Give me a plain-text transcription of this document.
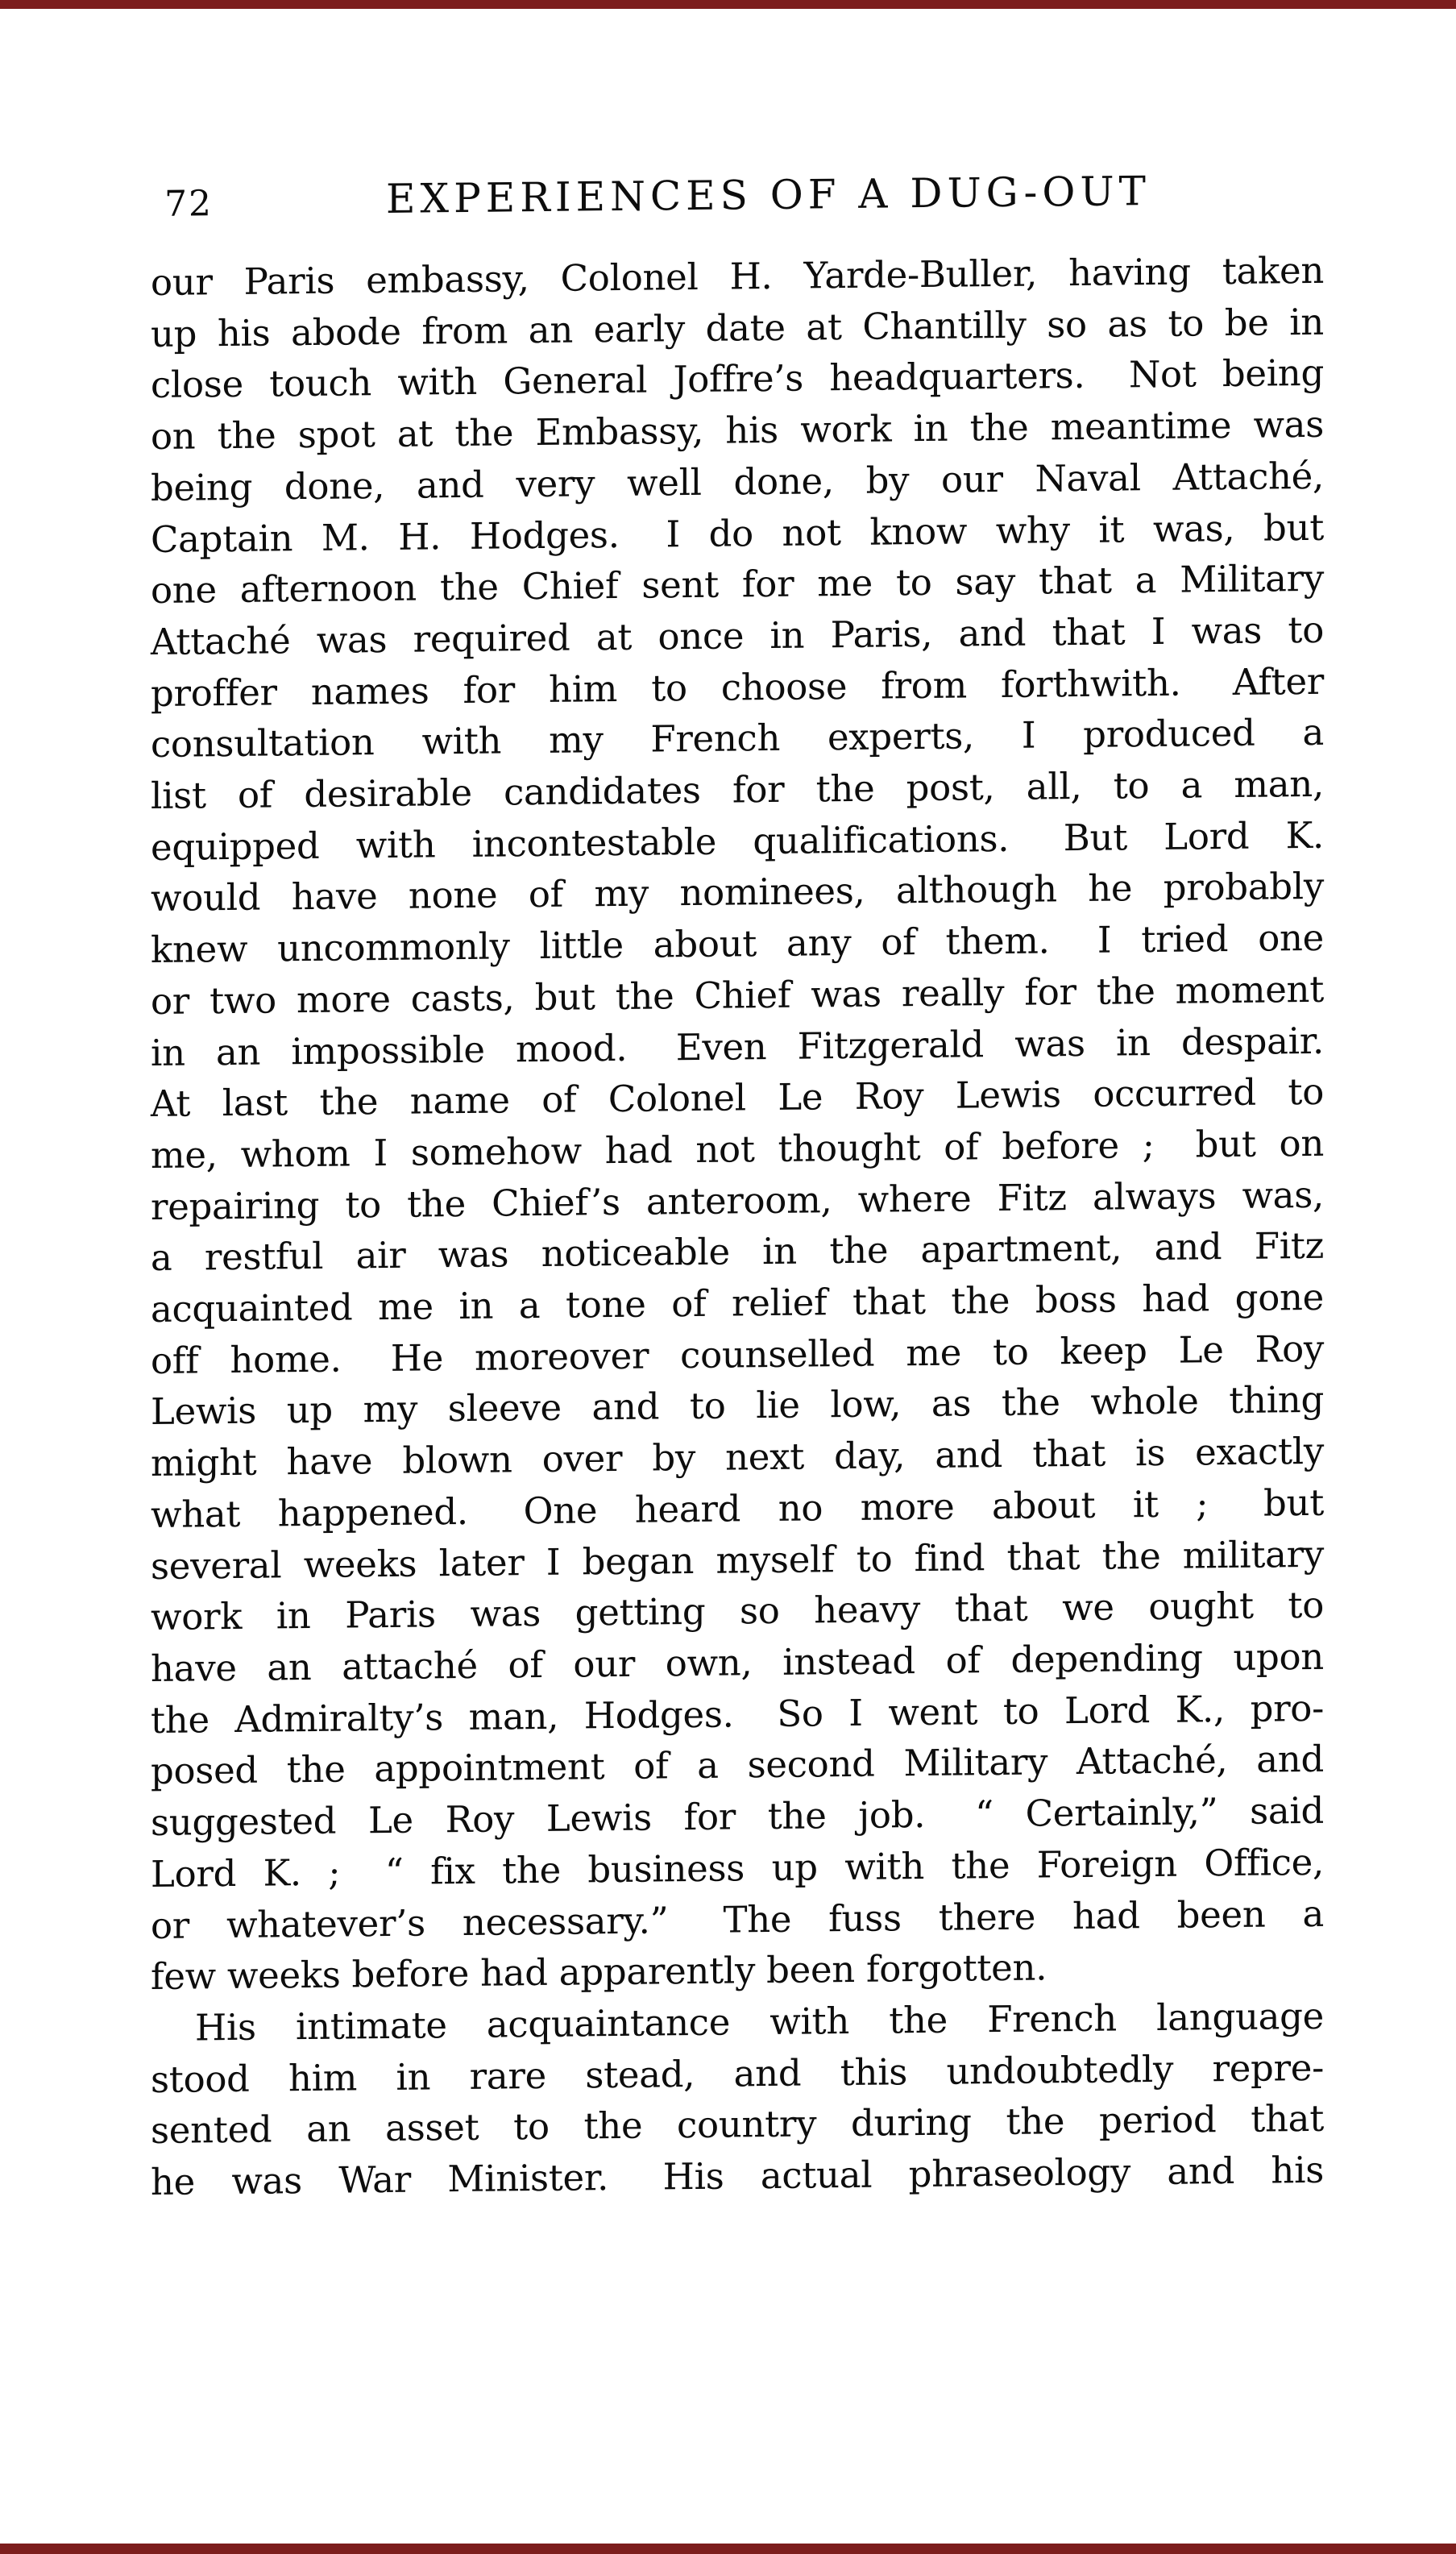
72	EXPERIENCES OF A DUG-OUT
our Paris embassy, Colonel H. Yarde-Buller, having taken
up his abode from an early date at Chantilly so as to be in
close touch with General Joffre’s headquarters.  Not being
on the spot at the Embassy, his work in the meantime was
being done, and very well done, by our Naval Attaché,
Captain M. H. Hodges.  I do not know why it was, but
one afternoon the Chief sent for me to say that a Military
Attaché was required at once in Paris, and that I was to
proffer names for him to choose from forthwith.  After
consultation with my French experts, I produced a
list of desirable candidates for the post, all, to a man,
equipped with incontestable qualifications.  But Lord K.
would have none of my nominees, although he probably
knew uncommonly little about any of them.  I tried one
or two more casts, but the Chief was really for the moment
in an impossible mood.  Even Fitzgerald was in despair.
At last the name of Colonel Le Roy Lewis occurred to
me, whom I somehow had not thought of before ;  but on
repairing to the Chief’s anteroom, where Fitz always was,
a restful air was noticeable in the apartment, and Fitz
acquainted me in a tone of relief that the boss had gone
off home.  He moreover counselled me to keep Le Roy
Lewis up my sleeve and to lie low, as the whole thing
might have blown over by next day, and that is exactly
what happened.  One heard no more about it ;  but
several weeks later I began myself to find that the military
work in Paris was getting so heavy that we ought to
have an attaché of our own, instead of depending upon
the Admiralty’s man, Hodges.  So I went to Lord K., pro-
posed the appointment of a second Military Attaché, and
suggested Le Roy Lewis for the job.  “ Certainly,” said
Lord K. ;  “ fix the business up with the Foreign Office,
or whatever’s necessary.”  The fuss there had been a
few weeks before had apparently been forgotten.
His intimate acquaintance with the French language
stood him in rare stead, and this undoubtedly repre-
sented an asset to the country during the period that
he was War Minister.  His actual phraseology and his
